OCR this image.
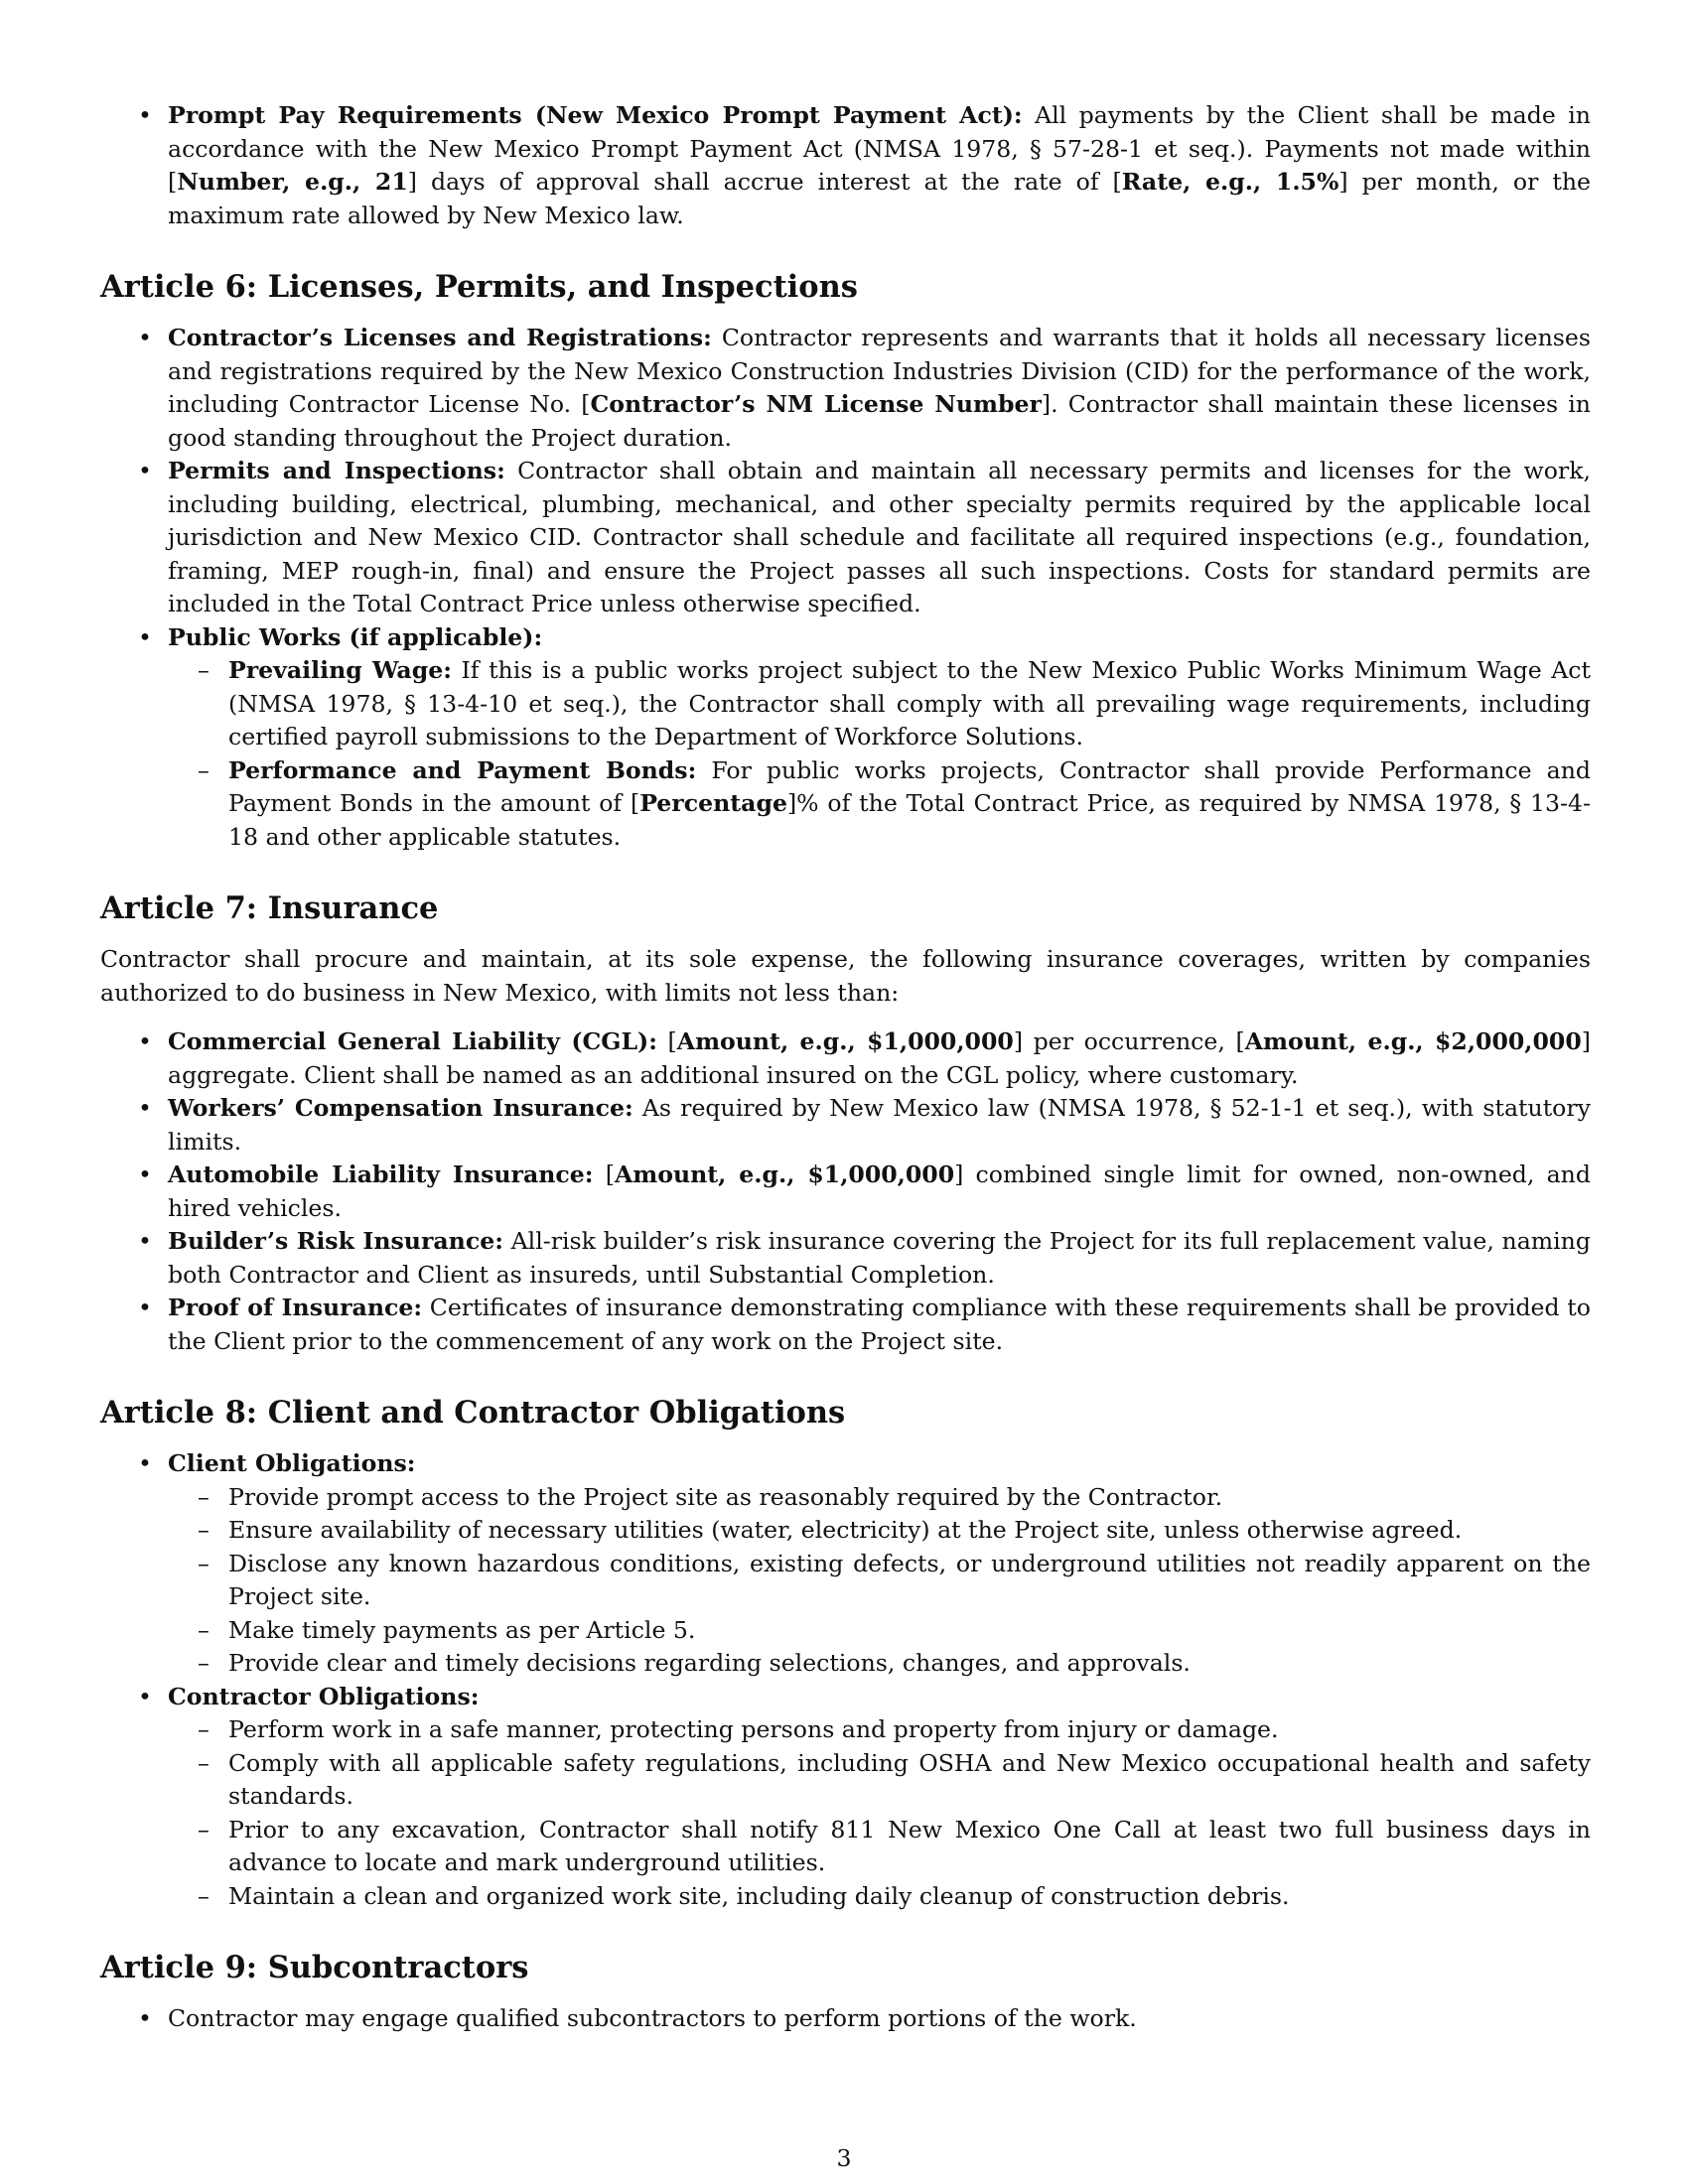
• Prompt Pay Requirements (New Mexico Prompt Payment Act): All payments by the Client shall be made in accordance with the New Mexico Prompt Payment Act (NMSA 1978, § 57-28-1 et seq.). Payments not made within [Number, e.g., 21] days of approval shall accrue interest at the rate of [Rate, e.g., 1.5%] per month, or the maximum rate allowed by New Mexico law.
Article 6: Licenses, Permits, and Inspections
• Contractor’s Licenses and Registrations: Contractor represents and warrants that it holds all necessary licenses and registrations required by the New Mexico Construction Industries Division (CID) for the performance of the work, including Contractor License No. [Contractor’s NM License Number]. Contractor shall maintain these licenses in good standing throughout the Project duration.
• Permits and Inspections: Contractor shall obtain and maintain all necessary permits and licenses for the work, including building, electrical, plumbing, mechanical, and other specialty permits required by the applicable local jurisdiction and New Mexico CID. Contractor shall schedule and facilitate all required inspections (e.g., foundation, framing, MEP rough-in, final) and ensure the Project passes all such inspections. Costs for standard permits are included in the Total Contract Price unless otherwise specified.
• Public Works (if applicable):
– Prevailing Wage: If this is a public works project subject to the New Mexico Public Works Minimum Wage Act (NMSA 1978, § 13-4-10 et seq.), the Contractor shall comply with all prevailing wage requirements, including certified payroll submissions to the Department of Workforce Solutions.
– Performance and Payment Bonds: For public works projects, Contractor shall provide Performance and Payment Bonds in the amount of [Percentage]% of the Total Contract Price, as required by NMSA 1978, § 13-4-18 and other applicable statutes.
Article 7: Insurance

Contractor shall procure and maintain, at its sole expense, the following insurance coverages, written by companies authorized to do business in New Mexico, with limits not less than:

• Commercial General Liability (CGL): [Amount, e.g., $1,000,000] per occurrence, [Amount, e.g., $2,000,000] aggregate. Client shall be named as an additional insured on the CGL policy, where customary.
• Workers’ Compensation Insurance: As required by New Mexico law (NMSA 1978, § 52-1-1 et seq.), with statutory limits.
• Automobile Liability Insurance: [Amount, e.g., $1,000,000] combined single limit for owned, non-owned, and hired vehicles.
• Builder’s Risk Insurance: All-risk builder’s risk insurance covering the Project for its full replacement value, naming both Contractor and Client as insureds, until Substantial Completion.
• Proof of Insurance: Certificates of insurance demonstrating compliance with these requirements shall be provided to the Client prior to the commencement of any work on the Project site.
Article 8: Client and Contractor Obligations
• Client Obligations:
– Provide prompt access to the Project site as reasonably required by the Contractor.
– Ensure availability of necessary utilities (water, electricity) at the Project site, unless otherwise agreed.
– Disclose any known hazardous conditions, existing defects, or underground utilities not readily apparent on the Project site.
– Make timely payments as per Article 5.
– Provide clear and timely decisions regarding selections, changes, and approvals.
• Contractor Obligations:
– Perform work in a safe manner, protecting persons and property from injury or damage.
– Comply with all applicable safety regulations, including OSHA and New Mexico occupational health and safety standards.
– Prior to any excavation, Contractor shall notify 811 New Mexico One Call at least two full business days in advance to locate and mark underground utilities.
– Maintain a clean and organized work site, including daily cleanup of construction debris.
Article 9: Subcontractors
• Contractor may engage qualified subcontractors to perform portions of the work.
3
